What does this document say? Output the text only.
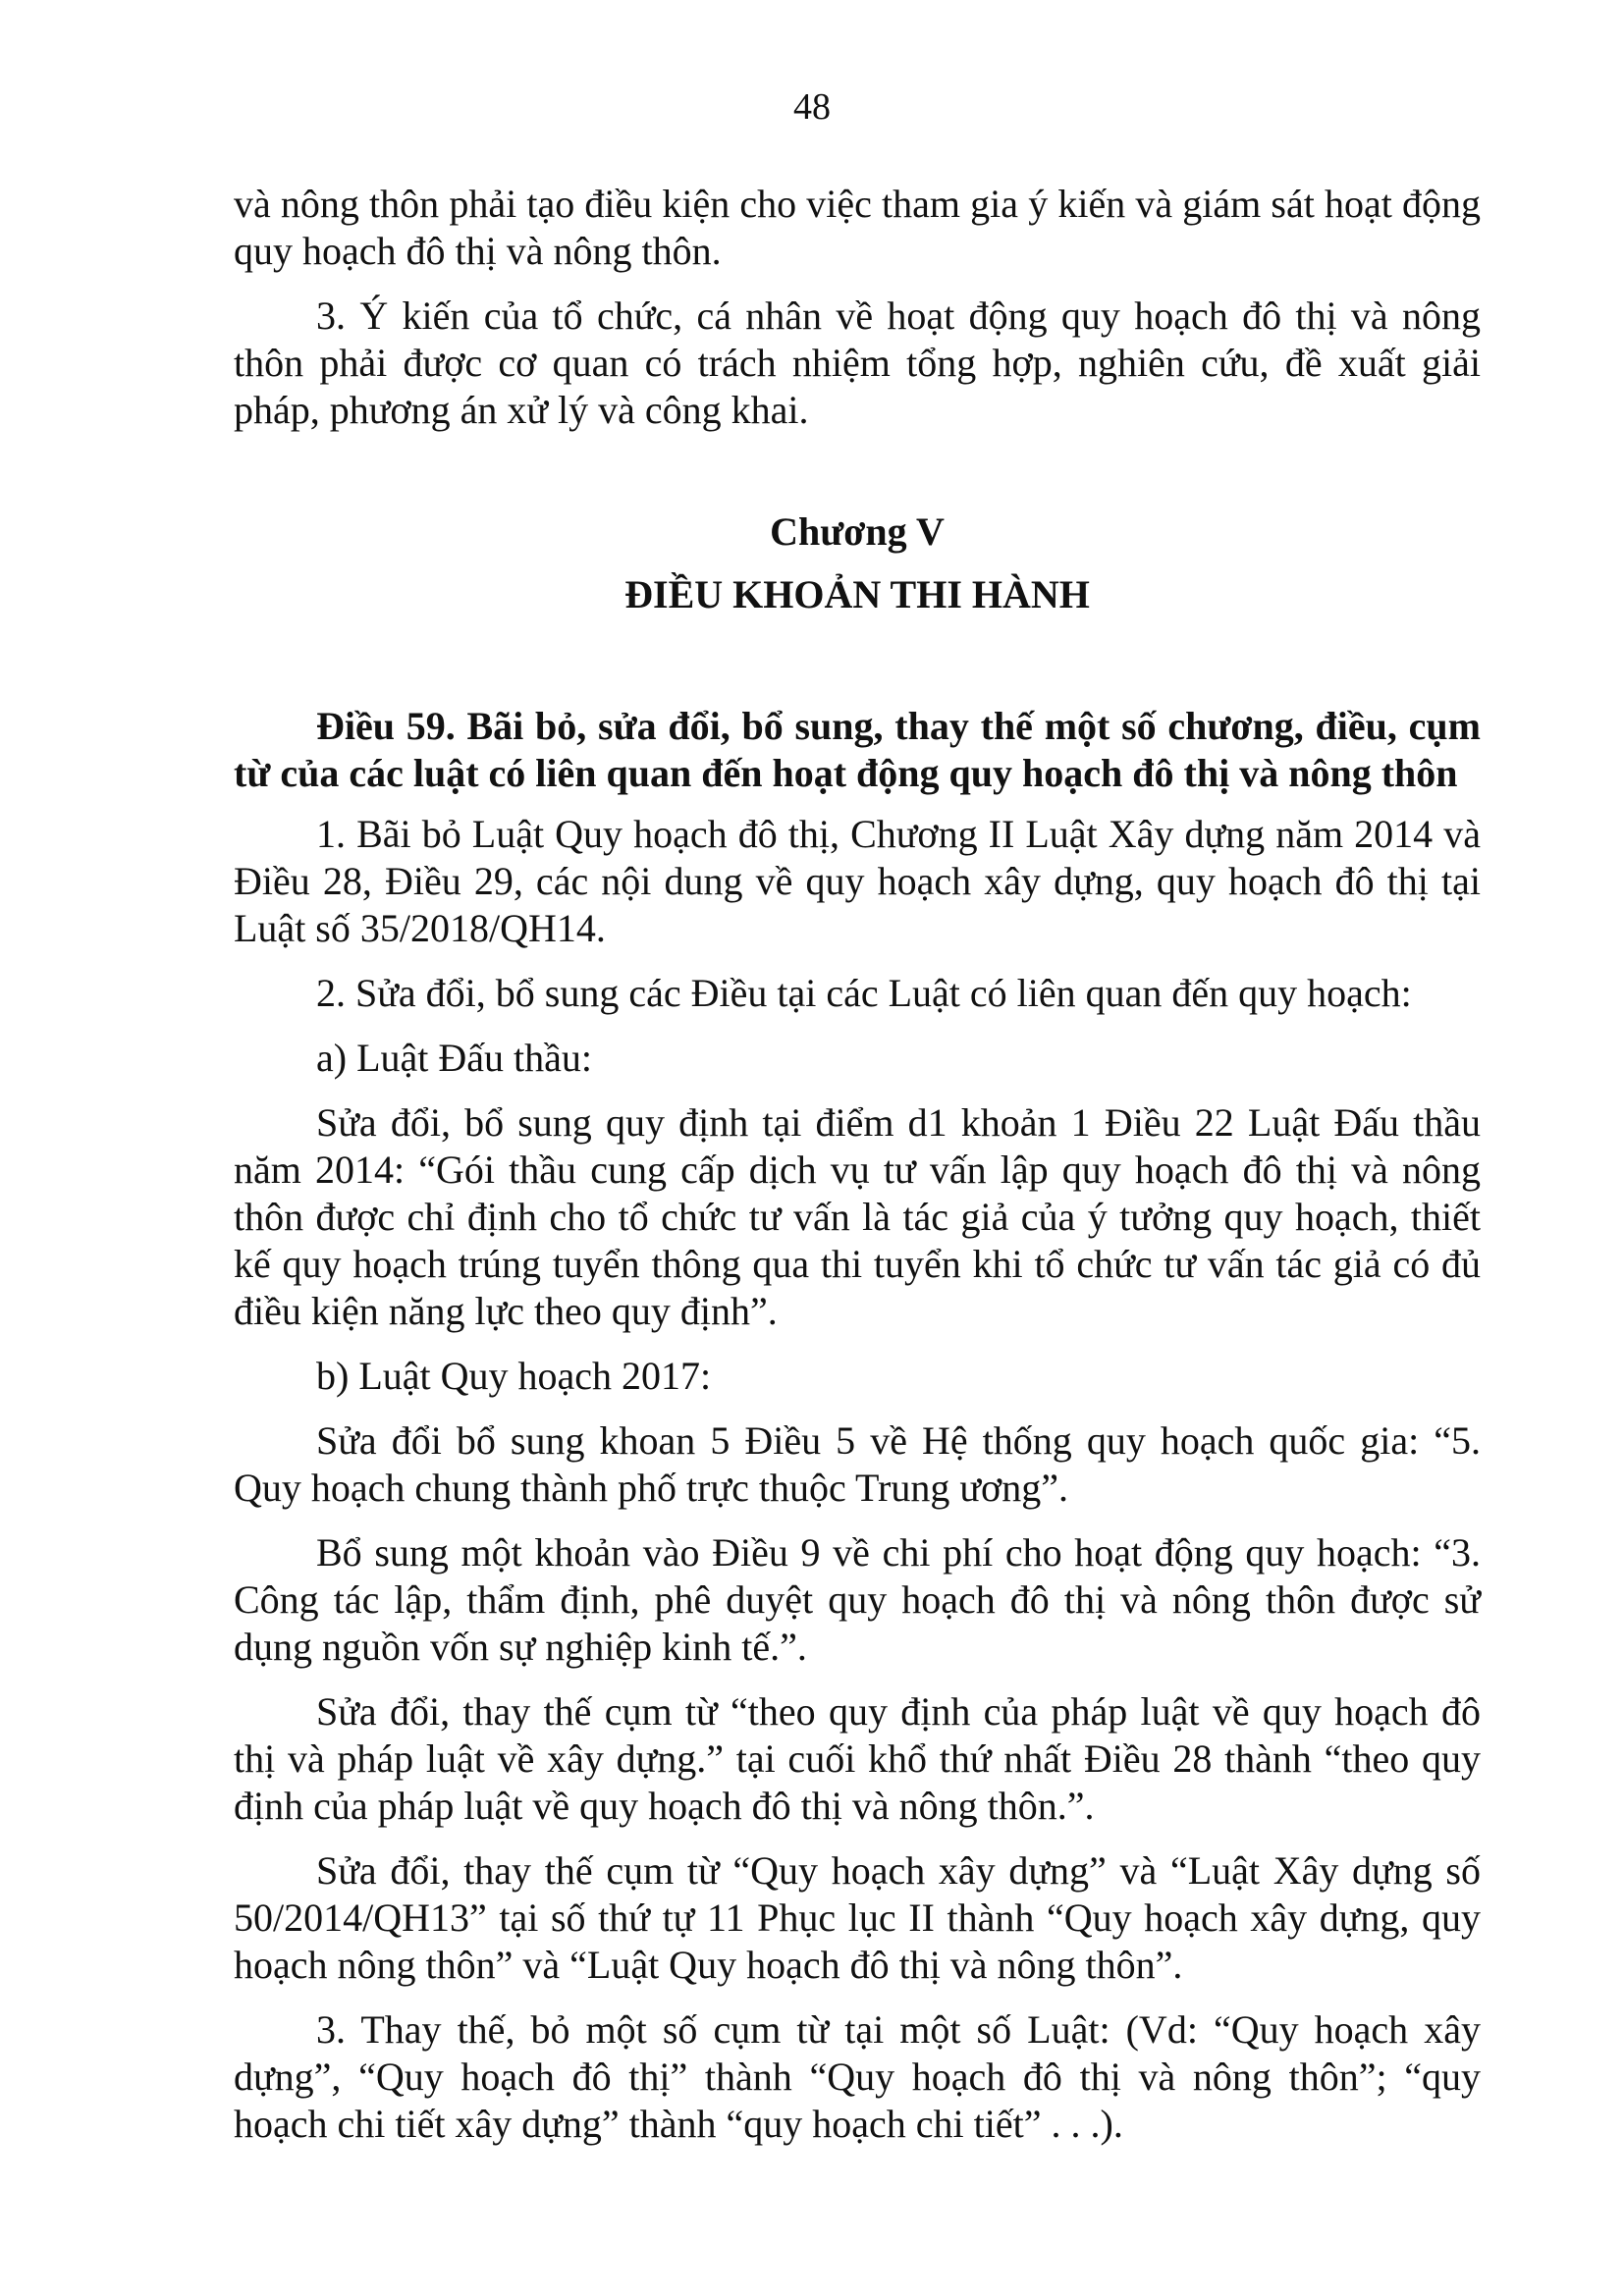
48

và nông thôn phải tạo điều kiện cho việc tham gia ý kiến và giám sát hoạt động quy hoạch đô thị và nông thôn.

3. Ý kiến của tổ chức, cá nhân về hoạt động quy hoạch đô thị và nông thôn phải được cơ quan có trách nhiệm tổng hợp, nghiên cứu, đề xuất giải pháp, phương án xử lý và công khai.

Chương V

ĐIỀU KHOẢN THI HÀNH

Điều 59. Bãi bỏ, sửa đổi, bổ sung, thay thế một số chương, điều, cụm từ của các luật có liên quan đến hoạt động quy hoạch đô thị và nông thôn

1. Bãi bỏ Luật Quy hoạch đô thị, Chương II Luật Xây dựng năm 2014 và Điều 28, Điều 29, các nội dung về quy hoạch xây dựng, quy hoạch đô thị tại Luật số 35/2018/QH14.

2. Sửa đổi, bổ sung các Điều tại các Luật có liên quan đến quy hoạch:

a) Luật Đấu thầu:

Sửa đổi, bổ sung quy định tại điểm d1 khoản 1 Điều 22 Luật Đấu thầu năm 2014: “Gói thầu cung cấp dịch vụ tư vấn lập quy hoạch đô thị và nông thôn được chỉ định cho tổ chức tư vấn là tác giả của ý tưởng quy hoạch, thiết kế quy hoạch trúng tuyển thông qua thi tuyển khi tổ chức tư vấn tác giả có đủ điều kiện năng lực theo quy định”.

b) Luật Quy hoạch 2017:

Sửa đổi bổ sung khoan 5 Điều 5 về Hệ thống quy hoạch quốc gia: “5. Quy hoạch chung thành phố trực thuộc Trung ương”.

Bổ sung một khoản vào Điều 9 về chi phí cho hoạt động quy hoạch: “3. Công tác lập, thẩm định, phê duyệt quy hoạch đô thị và nông thôn được sử dụng nguồn vốn sự nghiệp kinh tế.”.

Sửa đổi, thay thế cụm từ “theo quy định của pháp luật về quy hoạch đô thị và pháp luật về xây dựng.” tại cuối khổ thứ nhất Điều 28 thành “theo quy định của pháp luật về quy hoạch đô thị và nông thôn.”.

Sửa đổi, thay thế cụm từ “Quy hoạch xây dựng” và “Luật Xây dựng số 50/2014/QH13” tại số thứ tự 11 Phục lục II thành “Quy hoạch xây dựng, quy hoạch nông thôn” và “Luật Quy hoạch đô thị và nông thôn”.

3. Thay thế, bỏ một số cụm từ tại một số Luật: (Vd: “Quy hoạch xây dựng”, “Quy hoạch đô thị” thành “Quy hoạch đô thị và nông thôn”; “quy hoạch chi tiết xây dựng” thành “quy hoạch chi tiết” . . .).
